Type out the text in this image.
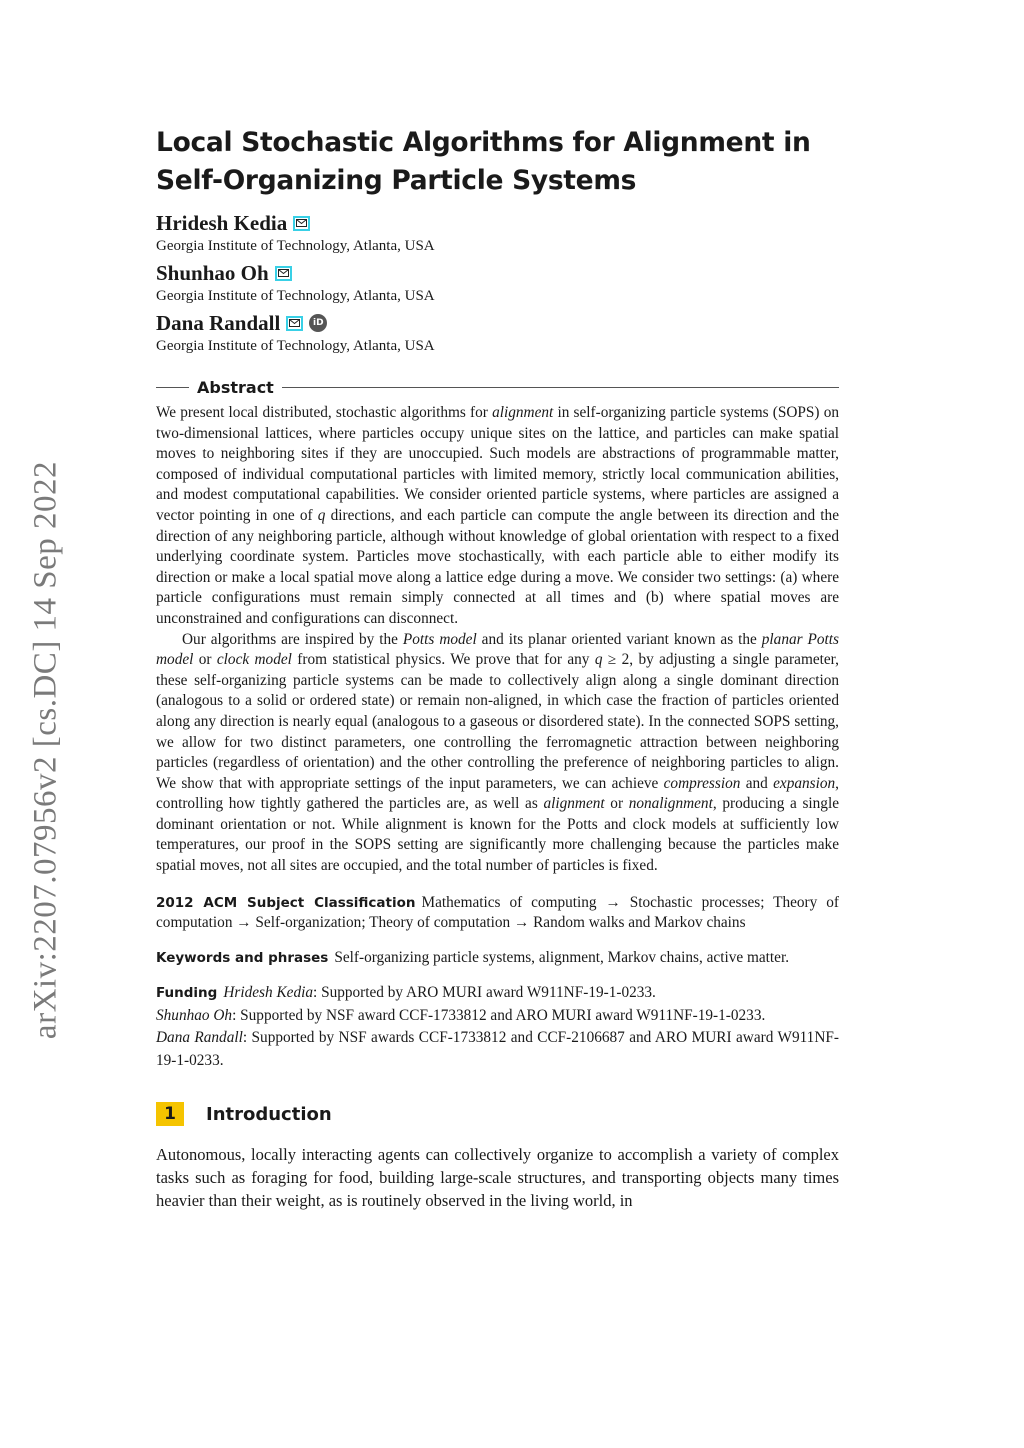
arXiv:2207.07956v2 [cs.DC] 14 Sep 2022
Local Stochastic Algorithms for Alignment in Self-Organizing Particle Systems
Hridesh Kedia
Georgia Institute of Technology, Atlanta, USA
Shunhao Oh
Georgia Institute of Technology, Atlanta, USA
Dana Randall	iD
Georgia Institute of Technology, Atlanta, USA
Abstract

We present local distributed, stochastic algorithms for alignment in self-organizing particle systems (SOPS) on two-dimensional lattices, where particles occupy unique sites on the lattice, and particles can make spatial moves to neighboring sites if they are unoccupied. Such models are abstractions of programmable matter, composed of individual computational particles with limited memory, strictly local communication abilities, and modest computational capabilities. We consider oriented particle systems, where particles are assigned a vector pointing in one of q directions, and each particle can compute the angle between its direction and the direction of any neighboring particle, although without knowledge of global orientation with respect to a fixed underlying coordinate system. Particles move stochastically, with each particle able to either modify its direction or make a local spatial move along a lattice edge during a move. We consider two settings: (a) where particle configurations must remain simply connected at all times and (b) where spatial moves are unconstrained and configurations can disconnect.

Our algorithms are inspired by the Potts model and its planar oriented variant known as the planar Potts model or clock model from statistical physics. We prove that for any q ≥ 2, by adjusting a single parameter, these self-organizing particle systems can be made to collectively align along a single dominant direction (analogous to a solid or ordered state) or remain non-aligned, in which case the fraction of particles oriented along any direction is nearly equal (analogous to a gaseous or disordered state). In the connected SOPS setting, we allow for two distinct parameters, one controlling the ferromagnetic attraction between neighboring particles (regardless of orientation) and the other controlling the preference of neighboring particles to align. We show that with appropriate settings of the input parameters, we can achieve compression and expansion, controlling how tightly gathered the particles are, as well as alignment or nonalignment, producing a single dominant orientation or not. While alignment is known for the Potts and clock models at sufficiently low temperatures, our proof in the SOPS setting are significantly more challenging because the particles make spatial moves, not all sites are occupied, and the total number of particles is fixed.

2012 ACM Subject Classification Mathematics of computing → Stochastic processes; Theory of computation → Self-organization; Theory of computation → Random walks and Markov chains

Keywords and phrases Self-organizing particle systems, alignment, Markov chains, active matter.

Funding Hridesh Kedia: Supported by ARO MURI award W911NF-19-1-0233.
Shunhao Oh: Supported by NSF award CCF-1733812 and ARO MURI award W911NF-19-1-0233.
Dana Randall: Supported by NSF awards CCF-1733812 and CCF-2106687 and ARO MURI award W911NF-19-1-0233.

1	Introduction

Autonomous, locally interacting agents can collectively organize to accomplish a variety of complex tasks such as foraging for food, building large-scale structures, and transporting objects many times heavier than their weight, as is routinely observed in the living world, in
